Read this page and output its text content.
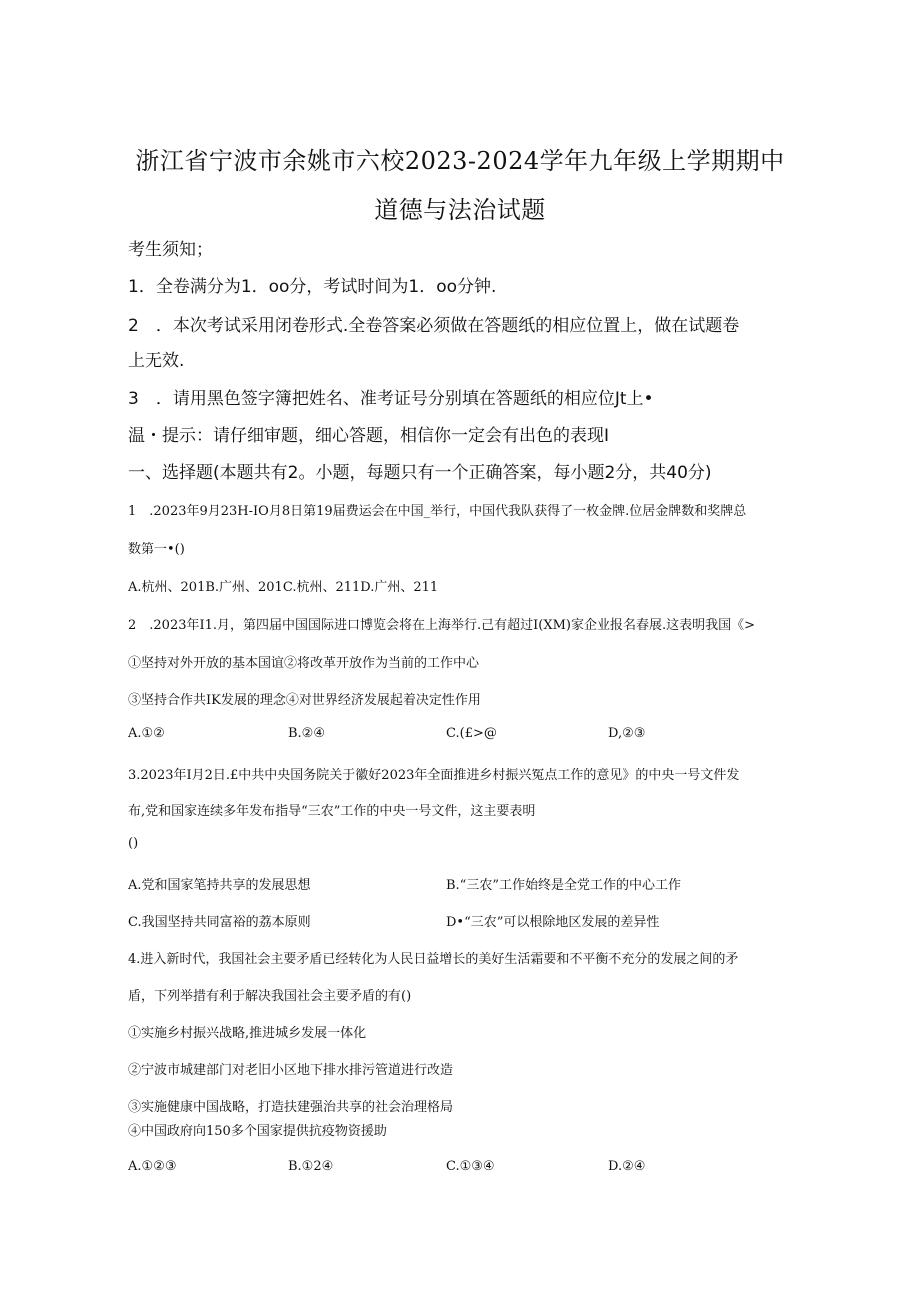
浙江省宁波市余姚市六校2023-2024学年九年级上学期期中
道德与法治试题
考生须知；
1．全卷满分为1．oo分，考试时间为1．oo分钟.
2　．本次考试采用闭卷形式.全卷答案必须做在答题纸的相应位置上，做在试题卷
上无效.
3　．请用黑色签字簿把姓名、准考证号分别填在答题纸的相应位Jt上•
温・提示：请仔细审题，细心答题，相信你一定会有出色的表现I
一、选择题(本题共有2。小题，每题只有一个正确答案，每小题2分，共40分)
1　.2023年9月23H-IO月8日第19届费运会在中国_举行，中国代我队获得了一枚金牌.位居金牌数和奖牌总
数第一•()
A.杭州、201B.广州、201C.杭州、211D.广州、211
2　.2023年I1.月，第四届中国国际进口博览会将在上海举行.己有超过I(XM)家企业报名春展.这表明我国《>
①坚持对外开放的基本国谊②将改革开放作为当前的工作中心
③坚持合作共IK发展的理念④对世界经济发展起着决定性作用
A.①②	B.②④	C.(£>@	D,②③
3.2023年I月2日.£中共中央国务院关于徽好2023年全面推进乡村振兴冤点工作的意见》的中央一号文件发
布,党和国家连续多年发布指导“三农”工作的中央一号文件，这主要表明
()
A.党和国家笔持共享的发展思想	B.“三农”工作始终是全党工作的中心工作
C.我国坚持共同富裕的荔本原则	D•“三农”可以根除地区发展的差异性
4.进入新时代，我国社会主要矛盾已经转化为人民日益增长的美好生活霜要和不平衡不充分的发展之间的矛
盾，下列举措有利于解决我国社会主要矛盾的有()
①实施乡村振兴战略,推进城乡发展一体化
②宁波市城建部门对老旧小区地下排水排污管道进行改造
③实施健康中国战略，打造扶建强治共享的社会治理格局
④中国政府向150多个国家提供抗疫物资援助
A.①②③	B.①2④	C.①③④	D.②④
